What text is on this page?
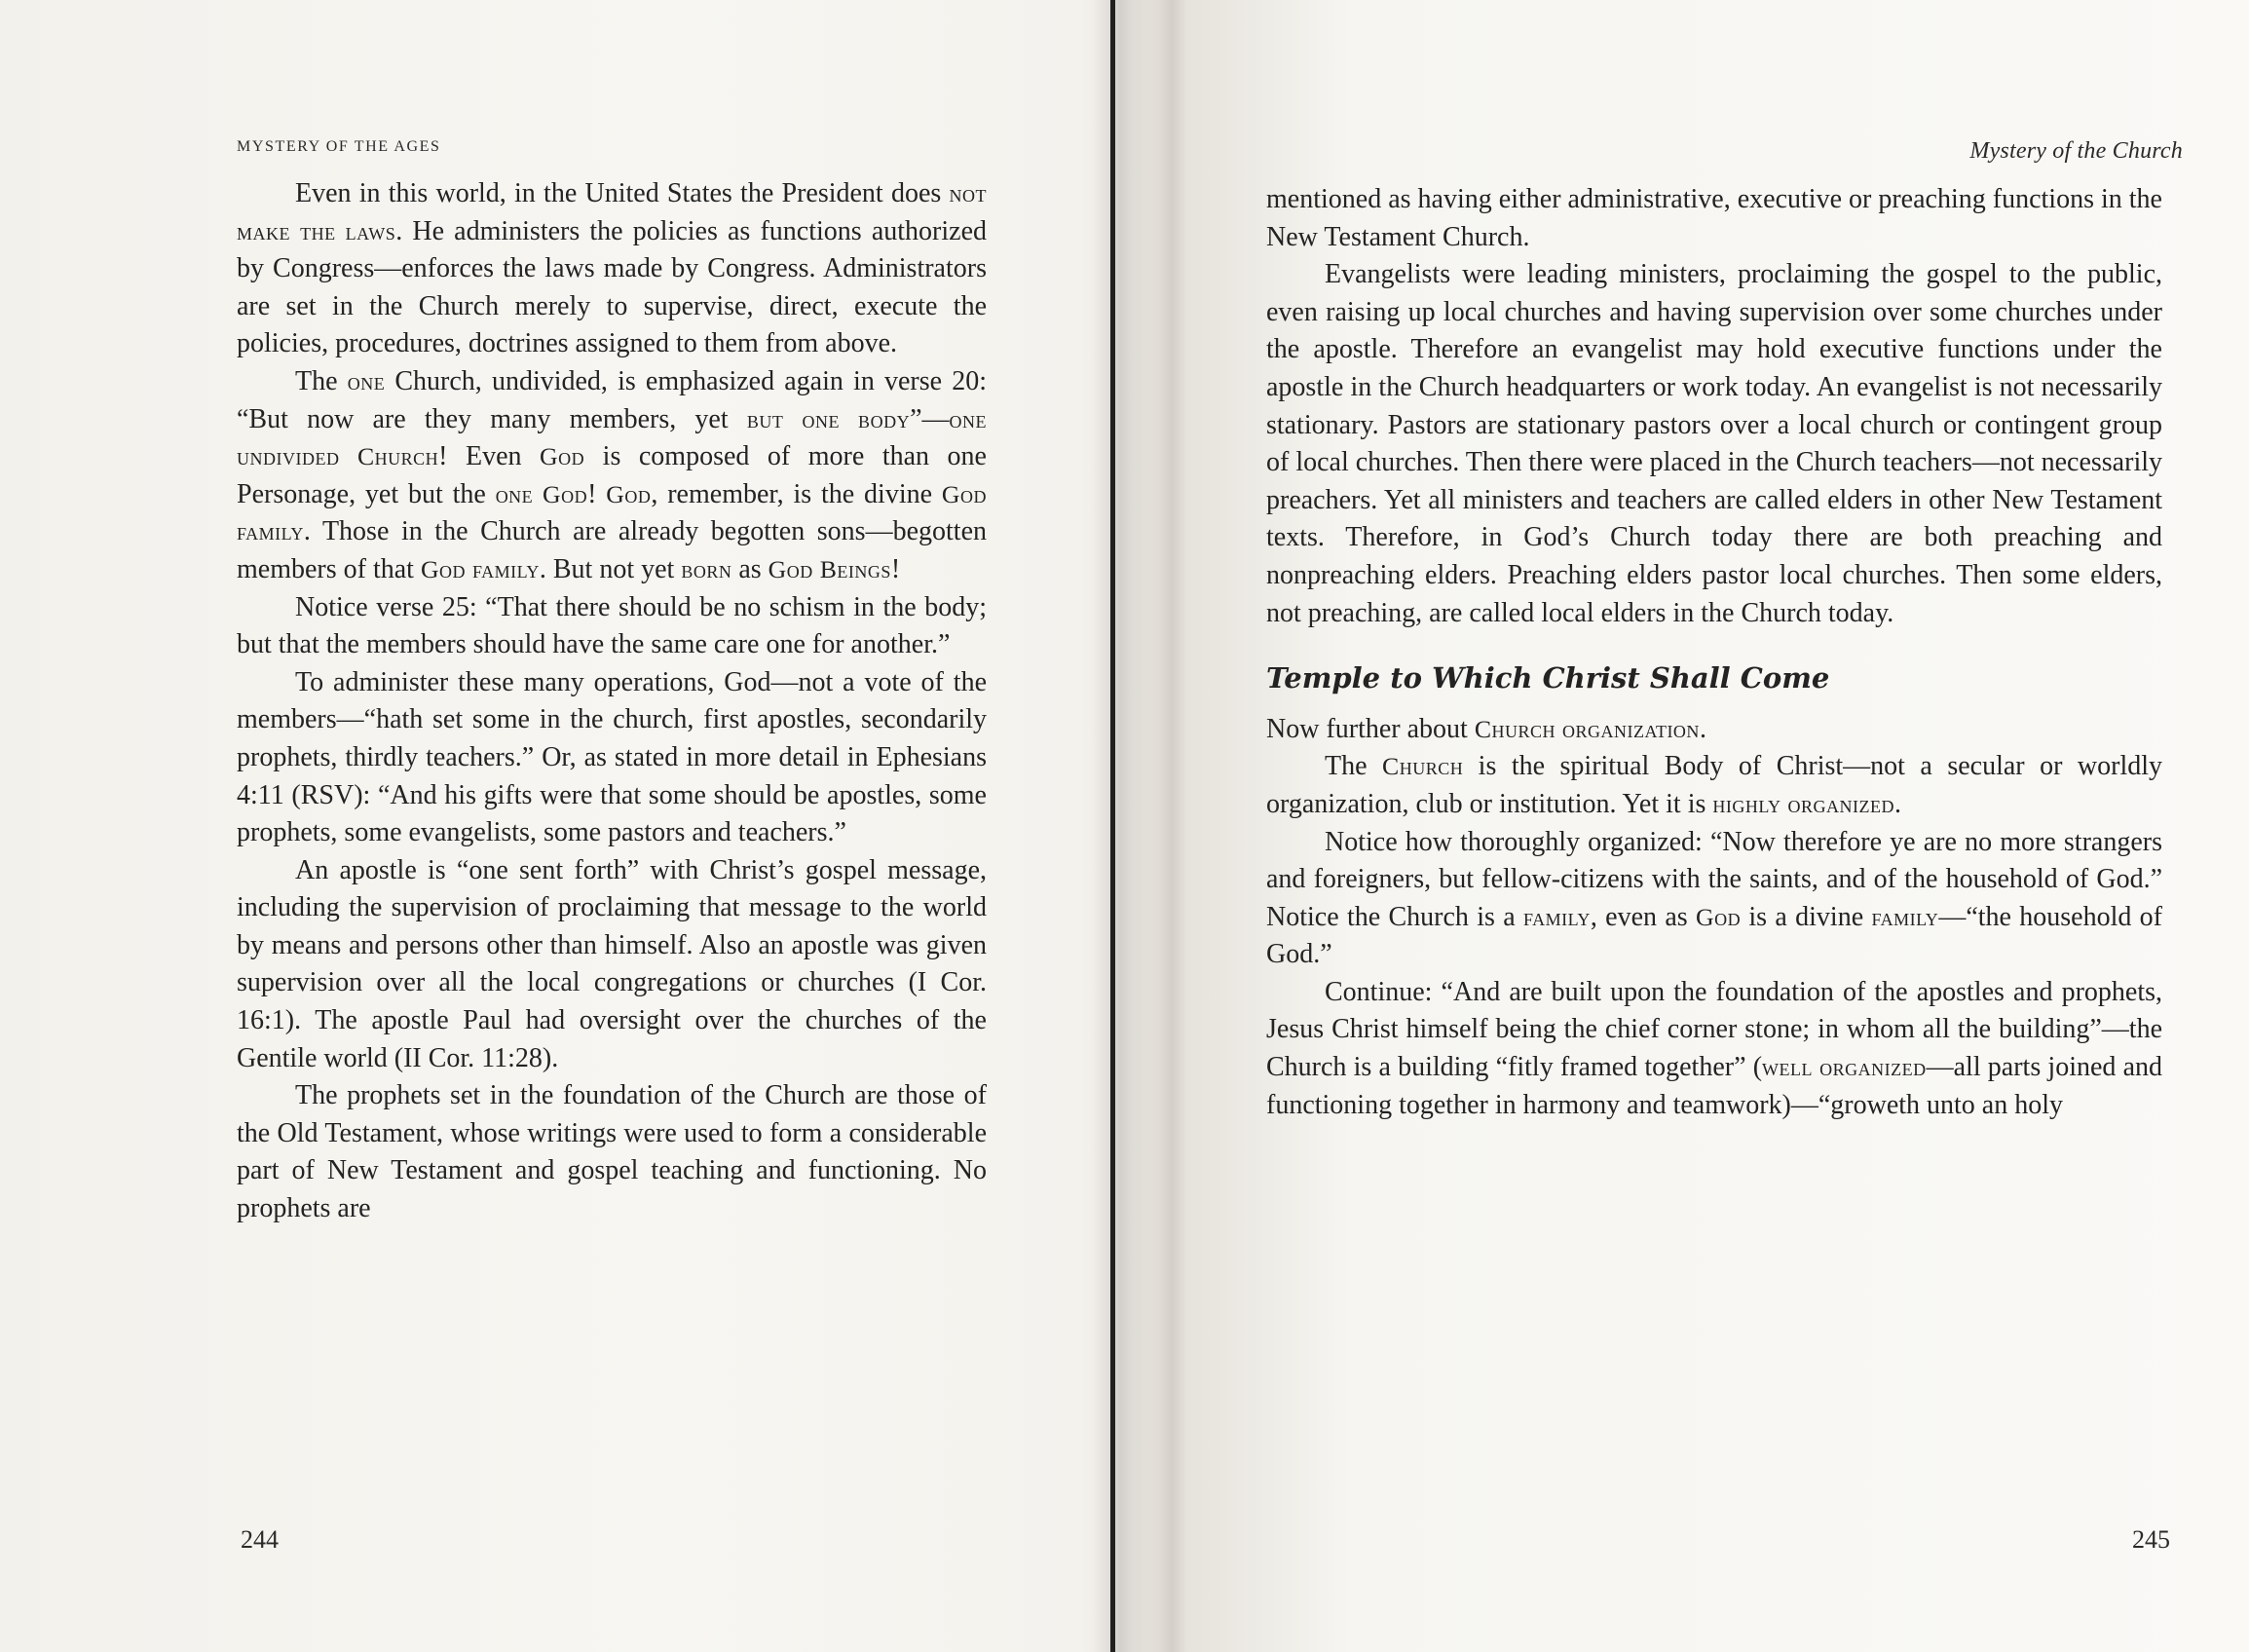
MYSTERY OF THE AGES

Even in this world, in the United States the President does not make the laws. He administers the policies as functions authorized by Congress—enforces the laws made by Congress. Administrators are set in the Church merely to supervise, direct, execute the policies, procedures, doctrines assigned to them from above.

The one Church, undivided, is emphasized again in verse 20: “But now are they many members, yet but one body”—one undivided Church! Even God is composed of more than one Personage, yet but the one God! God, remember, is the divine God family. Those in the Church are already begotten sons—begotten members of that God family. But not yet born as God Beings!

Notice verse 25: “That there should be no schism in the body; but that the members should have the same care one for another.”

To administer these many operations, God—not a vote of the members—“hath set some in the church, first apostles, secondarily prophets, thirdly teachers.” Or, as stated in more detail in Ephesians 4:11 (RSV): “And his gifts were that some should be apostles, some prophets, some evangelists, some pastors and teachers.”

An apostle is “one sent forth” with Christ’s gospel message, including the supervision of proclaiming that message to the world by means and persons other than himself. Also an apostle was given supervision over all the local congregations or churches (I Cor. 16:1). The apostle Paul had oversight over the churches of the Gentile world (II Cor. 11:28).

The prophets set in the foundation of the Church are those of the Old Testament, whose writings were used to form a considerable part of New Testament and gospel teaching and functioning. No prophets are

244
Mystery of the Church

mentioned as having either administrative, executive or preaching functions in the New Testament Church.

Evangelists were leading ministers, proclaiming the gospel to the public, even raising up local churches and having supervision over some churches under the apostle. Therefore an evangelist may hold executive functions under the apostle in the Church headquarters or work today. An evangelist is not necessarily stationary. Pastors are stationary pastors over a local church or contingent group of local churches. Then there were placed in the Church teachers—not necessarily preachers. Yet all ministers and teachers are called elders in other New Testament texts. Therefore, in God’s Church today there are both preaching and nonpreaching elders. Preaching elders pastor local churches. Then some elders, not preaching, are called local elders in the Church today.

Temple to Which Christ Shall Come

Now further about Church organization.

The Church is the spiritual Body of Christ—not a secular or worldly organization, club or institution. Yet it is highly organized.

Notice how thoroughly organized: “Now therefore ye are no more strangers and foreigners, but fellow-citizens with the saints, and of the household of God.” Notice the Church is a family, even as God is a divine family—“the household of God.”

Continue: “And are built upon the foundation of the apostles and prophets, Jesus Christ himself being the chief corner stone; in whom all the building”—the Church is a building “fitly framed together” (well organized—all parts joined and functioning together in harmony and teamwork)—“groweth unto an holy

245
